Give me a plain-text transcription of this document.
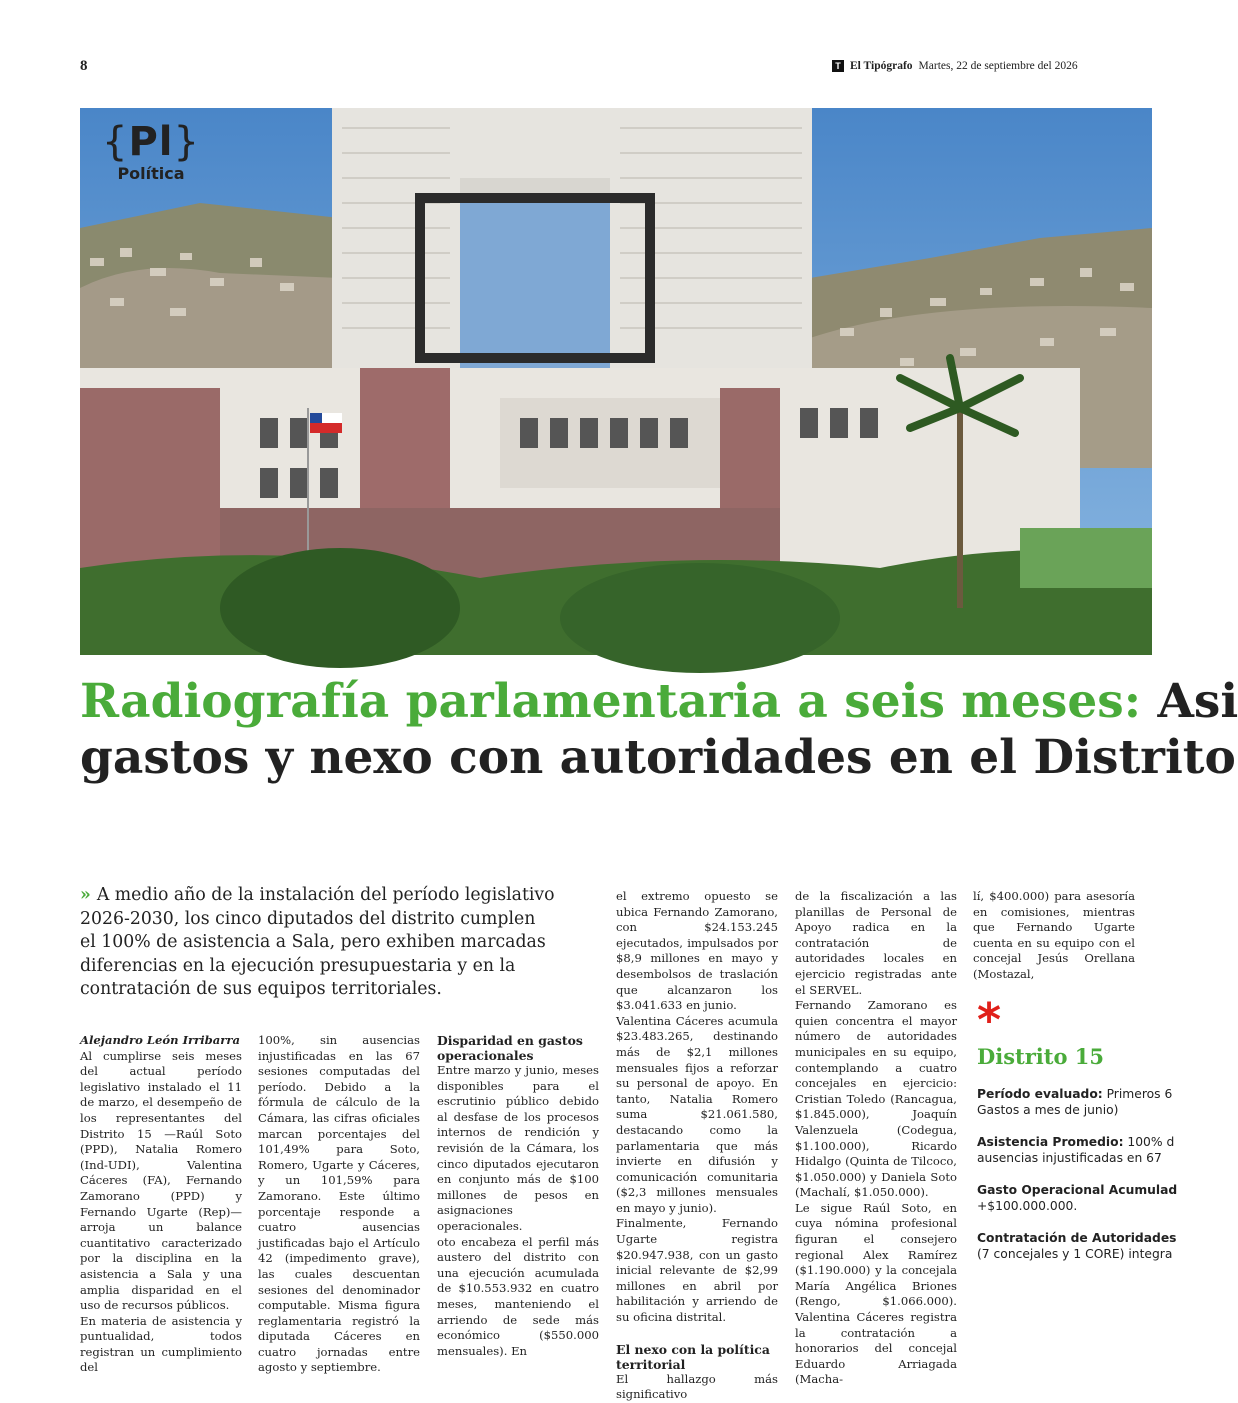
8	T El Tipógrafo Martes, 22 de septiembre del 2026
{Pl}
Política
Radiografía parlamentaria a seis meses: Asi
gastos y nexo con autoridades en el Distrito
» A medio año de la instalación del período legislativo 2026-2030, los cinco diputados del distrito cumplen el 100% de asistencia a Sala, pero exhiben marcadas diferencias en la ejecución presupuestaria y en la contratación de sus equipos territoriales.

Alejandro León Irribarra

Al cumplirse seis meses del actual período legislativo instalado el 11 de marzo, el desempeño de los representantes del Distrito 15 —Raúl Soto (PPD), Natalia Romero (Ind-UDI), Valentina Cáceres (FA), Fernando Zamorano (PPD) y Fernando Ugarte (Rep)— arroja un balance cuantitativo caracterizado por la disciplina en la asistencia a Sala y una amplia disparidad en el uso de recursos públicos.

En materia de asistencia y puntualidad, todos registran un cumplimiento del

100%, sin ausencias injustificadas en las 67 sesiones computadas del período. Debido a la fórmula de cálculo de la Cámara, las cifras oficiales marcan porcentajes del 101,49% para Soto, Romero, Ugarte y Cáceres, y un 101,59% para Zamorano. Este último porcentaje responde a cuatro ausencias justificadas bajo el Artículo 42 (impedimento grave), las cuales descuentan sesiones del denominador computable. Misma figura reglamentaria registró la diputada Cáceres en cuatro jornadas entre agosto y septiembre.

Disparidad en gastos operacionales

Entre marzo y junio, meses disponibles para el escrutinio público debido al desfase de los procesos internos de rendición y revisión de la Cámara, los cinco diputados ejecutaron en conjunto más de $100 millones de pesos en asignaciones operacionales.

oto encabeza el perfil más austero del distrito con una ejecución acumulada de $10.553.932 en cuatro meses, manteniendo el arriendo de sede más económico ($550.000 mensuales). En

el extremo opuesto se ubica Fernando Zamorano, con $24.153.245 ejecutados, impulsados por $8,9 millones en mayo y desembolsos de traslación que alcanzaron los $3.041.633 en junio.

Valentina Cáceres acumula $23.483.265, destinando más de $2,1 millones mensuales fijos a reforzar su personal de apoyo. En tanto, Natalia Romero suma $21.061.580, destacando como la parlamentaria que más invierte en difusión y comunicación comunitaria ($2,3 millones mensuales en mayo y junio).

Finalmente, Fernando Ugarte registra $20.947.938, con un gasto inicial relevante de $2,99 millones en abril por habilitación y arriendo de su oficina distrital.

El nexo con la política territorial

El hallazgo más significativo

de la fiscalización a las planillas de Personal de Apoyo radica en la contratación de autoridades locales en ejercicio registradas ante el SERVEL.

Fernando Zamorano es quien concentra el mayor número de autoridades municipales en su equipo, contemplando a cuatro concejales en ejercicio: Cristian Toledo (Rancagua, $1.845.000), Joaquín Valenzuela (Codegua, $1.100.000), Ricardo Hidalgo (Quinta de Tilcoco, $1.050.000) y Daniela Soto (Machalí, $1.050.000).

Le sigue Raúl Soto, en cuya nómina profesional figuran el consejero regional Alex Ramírez ($1.190.000) y la concejala María Angélica Briones (Rengo, $1.066.000). Valentina Cáceres registra la contratación a honorarios del concejal Eduardo Arriagada (Macha-

lí, $400.000) para asesoría en comisiones, mientras que Fernando Ugarte cuenta en su equipo con el concejal Jesús Orellana (Mostazal,

*
Distrito 15
Período evaluado: Primeros 6
Gastos a mes de junio)
Asistencia Promedio: 100% d
ausencias injustificadas en 67
Gasto Operacional Acumulad
+$100.000.000.
Contratación de Autoridades
(7 concejales y 1 CORE) integra
